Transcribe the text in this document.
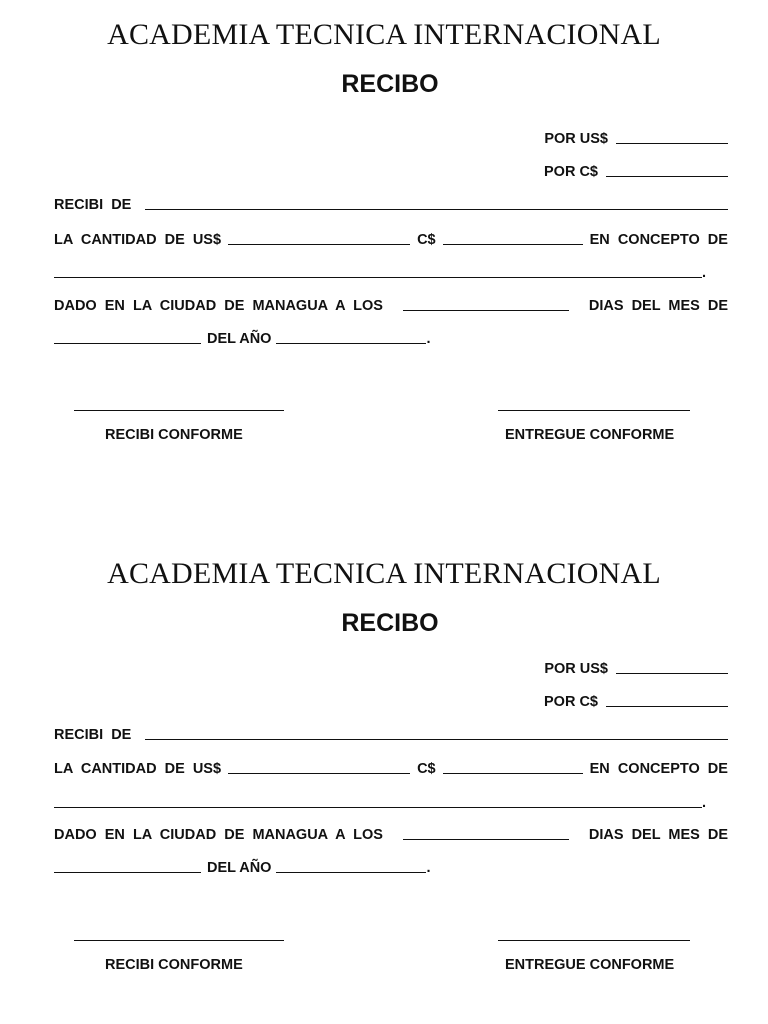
ACADEMIA TECNICA INTERNACIONAL
RECIBO
POR US$
POR C$
RECIBI  DE
LA  CANTIDAD  DE  US$	C$	EN  CONCEPTO  DE
.
DADO  EN  LA  CIUDAD  DE  MANAGUA  A  LOS	DIAS  DEL  MES  DE
DEL AÑO	.
RECIBI CONFORME	ENTREGUE CONFORME
ACADEMIA TECNICA INTERNACIONAL
RECIBO
POR US$
POR C$
RECIBI  DE
LA  CANTIDAD  DE  US$	C$	EN  CONCEPTO  DE
.
DADO  EN  LA  CIUDAD  DE  MANAGUA  A  LOS	DIAS  DEL  MES  DE
DEL AÑO	.
RECIBI CONFORME	ENTREGUE CONFORME
